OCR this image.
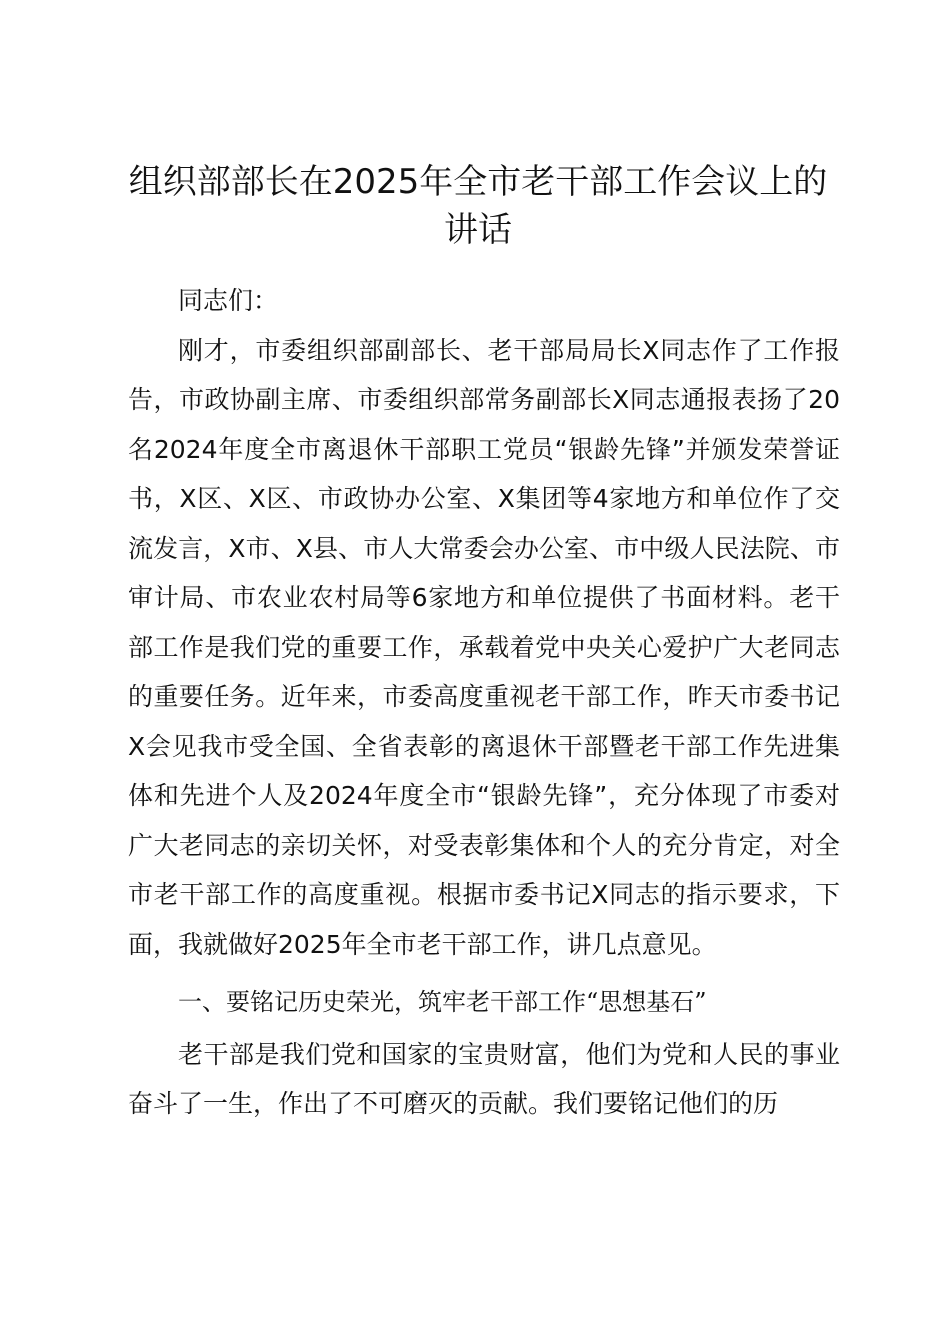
组织部部长在2025年全市老干部工作会议上的讲话

同志们：

刚才，市委组织部副部长、老干部局局长X同志作了工作报告，市政协副主席、市委组织部常务副部长X同志通报表扬了20名2024年度全市离退休干部职工党员“银龄先锋”并颁发荣誉证书，X区、X区、市政协办公室、X集团等4家地方和单位作了交流发言，X市、X县、市人大常委会办公室、市中级人民法院、市审计局、市农业农村局等6家地方和单位提供了书面材料。老干部工作是我们党的重要工作，承载着党中央关心爱护广大老同志的重要任务。近年来，市委高度重视老干部工作，昨天市委书记X会见我市受全国、全省表彰的离退休干部暨老干部工作先进集体和先进个人及2024年度全市“银龄先锋”，充分体现了市委对广大老同志的亲切关怀，对受表彰集体和个人的充分肯定，对全市老干部工作的高度重视。根据市委书记X同志的指示要求，下面，我就做好2025年全市老干部工作，讲几点意见。

一、要铭记历史荣光，筑牢老干部工作“思想基石”

老干部是我们党和国家的宝贵财富，他们为党和人民的事业奋斗了一生，作出了不可磨灭的贡献。我们要铭记他们的历
